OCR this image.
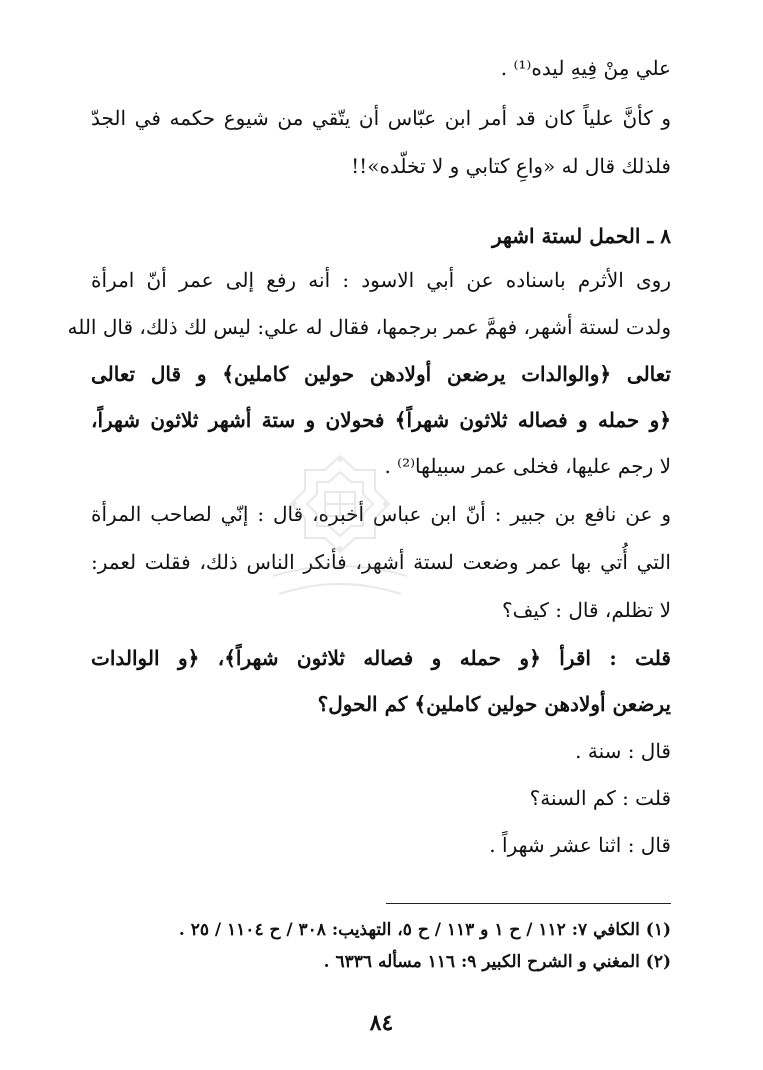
علي مِنْ فِيهِ ليده⁽¹⁾ .
و كأنَّ علياً كان قد أمر ابن عبّاس أن يتّقي من شيوع حكمه في الجدّ
فلذلك قال له «واعِ كتابي و لا تخلّده»!!
٨ ـ الحمل لستة اشهر
روى الأثرم باسناده عن أبي الاسود : أنه رفع إلى عمر أنّ امرأة
ولدت لستة أشهر، فهمَّ عمر برجمها، فقال له علي: ليس لك ذلك، قال الله
تعالى ﴿والوالدات يرضعن أولادهن حولين كاملين﴾ و قال تعالى
﴿و حمله و فصاله ثلاثون شهراً﴾ فحولان و ستة أشهر ثلاثون شهراً،
لا رجم عليها، فخلى عمر سبيلها⁽²⁾ .
و عن نافع بن جبير : أنّ ابن عباس أخبره، قال : إنّي لصاحب المرأة
التي أُتي بها عمر وضعت لستة أشهر، فأنكر الناس ذلك، فقلت لعمر:
لا تظلم، قال : كيف؟
قلت : اقرأ ﴿و حمله و فصاله ثلاثون شهراً﴾، ﴿و الوالدات
يرضعن أولادهن حولين كاملين﴾ كم الحول؟
قال : سنة .
قلت : كم السنة؟
قال : اثنا عشر شهراً .
(١) الكافي ٧: ١١٢ / ح ١ و ١١٣ / ح ٥، التهذيب: ٣٠٨ / ح ١١٠٤ / ٢٥ .
(٢) المغني و الشرح الكبير ٩: ١١٦ مسأله ٦٣٣٦ .
٨٤
